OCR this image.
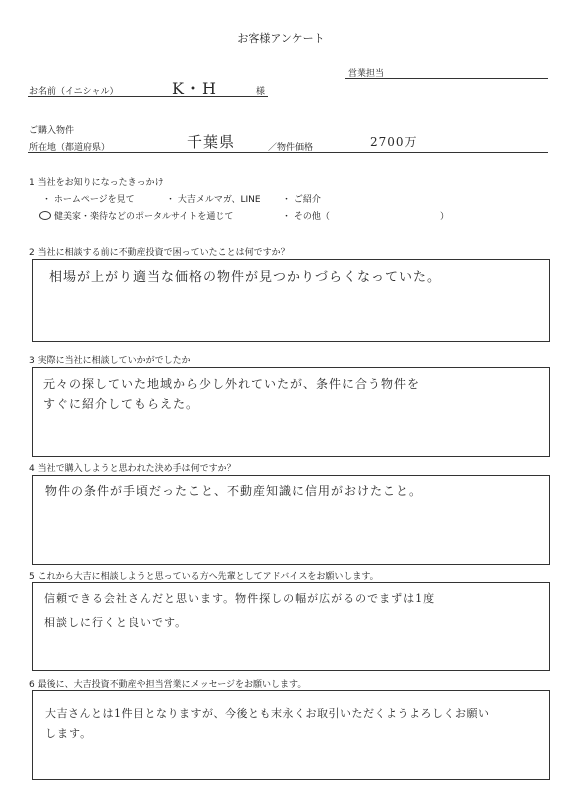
お客様アンケート
営業担当
お名前（イニシャル）	K・H	様
ご購入物件
所在地（都道府県）	千葉県	／物件価格	2700万
1 当社をお知りになったきっかけ
・ ホームページを見て	・ 大吉メルマガ、LINE ・ ご紹介
健美家・楽待などのポータルサイトを通じて	・ その他（	）
2 当社に相談する前に不動産投資で困っていたことは何ですか？
相場が上がり適当な価格の物件が見つかりづらくなっていた。
3 実際に当社に相談していかがでしたか
元々の探していた地域から少し外れていたが、条件に合う物件を
すぐに紹介してもらえた。
4 当社で購入しようと思われた決め手は何ですか？
物件の条件が手頃だったこと、不動産知識に信用がおけたこと。
5 これから大吉に相談しようと思っている方へ先輩としてアドバイスをお願いします。
信頼できる会社さんだと思います。物件探しの幅が広がるのでまずは1度
相談しに行くと良いです。
6 最後に、大吉投資不動産や担当営業にメッセージをお願いします。
大吉さんとは1件目となりますが、今後とも末永くお取引いただくようよろしくお願い
します。
